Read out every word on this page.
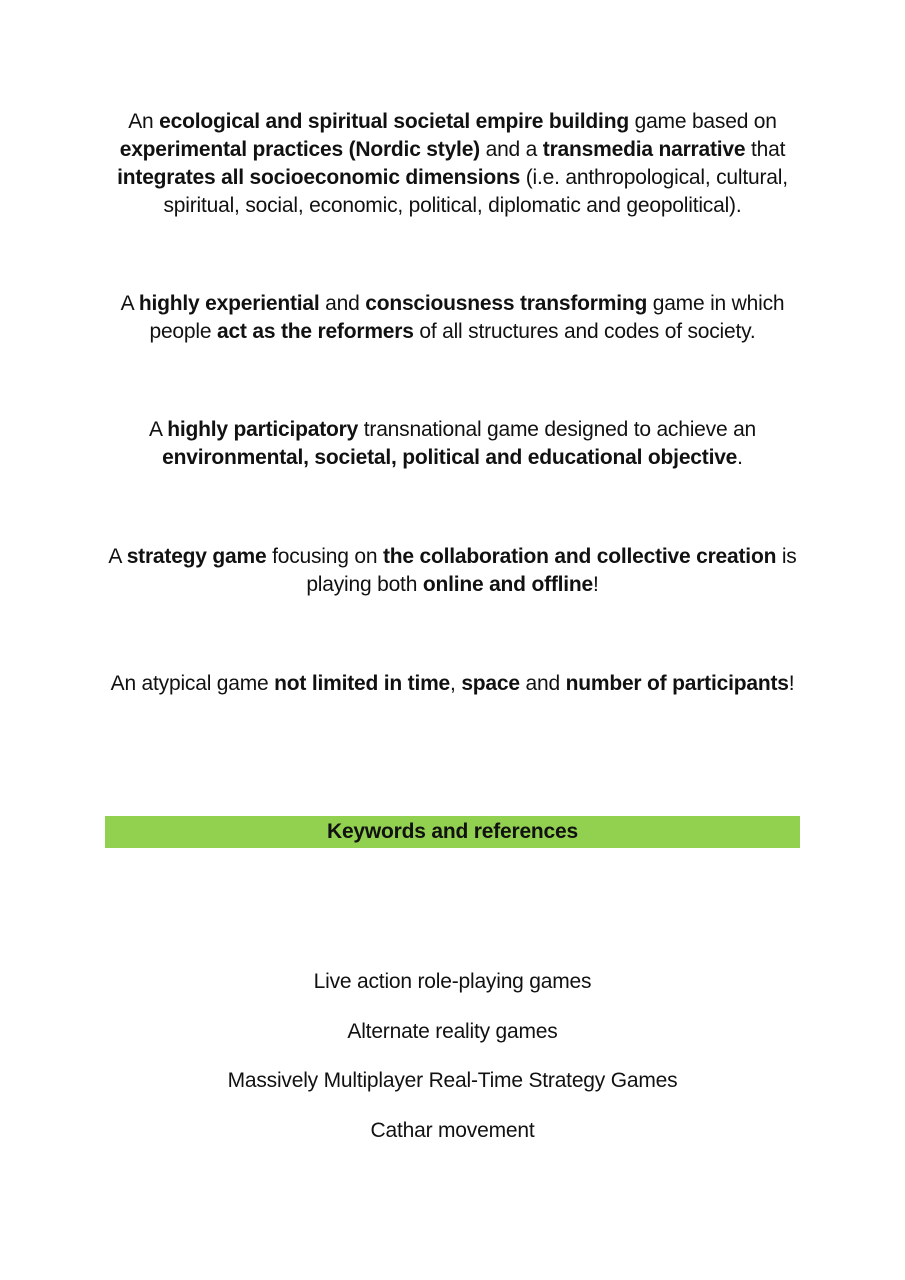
An ecological and spiritual societal empire building game based on
experimental practices (Nordic style) and a transmedia narrative that
integrates all socioeconomic dimensions (i.e. anthropological, cultural,
spiritual, social, economic, political, diplomatic and geopolitical).

A highly experiential and consciousness transforming game in which
people act as the reformers of all structures and codes of society.

A highly participatory transnational game designed to achieve an
environmental, societal, political and educational objective.

A strategy game focusing on the collaboration and collective creation is
playing both online and offline!

An atypical game not limited in time, space and number of participants!

Keywords and references
Live action role-playing games
Alternate reality games
Massively Multiplayer Real-Time Strategy Games
Cathar movement
